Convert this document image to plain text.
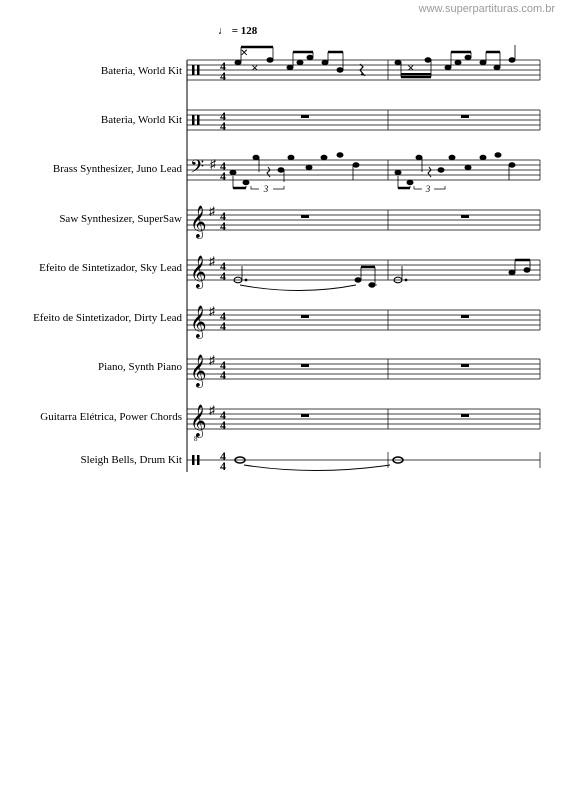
www.superpartituras.com.br
♩ = 128
Bateria, World Kit
Bateria, World Kit
Brass Synthesizer, Juno Lead
Saw Synthesizer, SuperSaw
Efeito de Sintetizador, Sky Lead
Efeito de Sintetizador, Dirty Lead
Piano, Synth Piano
Guitarra Elétrica, Power Chords
Sleigh Bells, Drum Kit
4
4
✕
✕	✕
4
4
𝄢 ♯ 4
4
3	3
𝄞 ♯ 4
4
𝄞 ♯ 4
4
𝄞 ♯ 4
4
𝄞 ♯ 4
4
𝄞
8
♯ 4
4
4
4
